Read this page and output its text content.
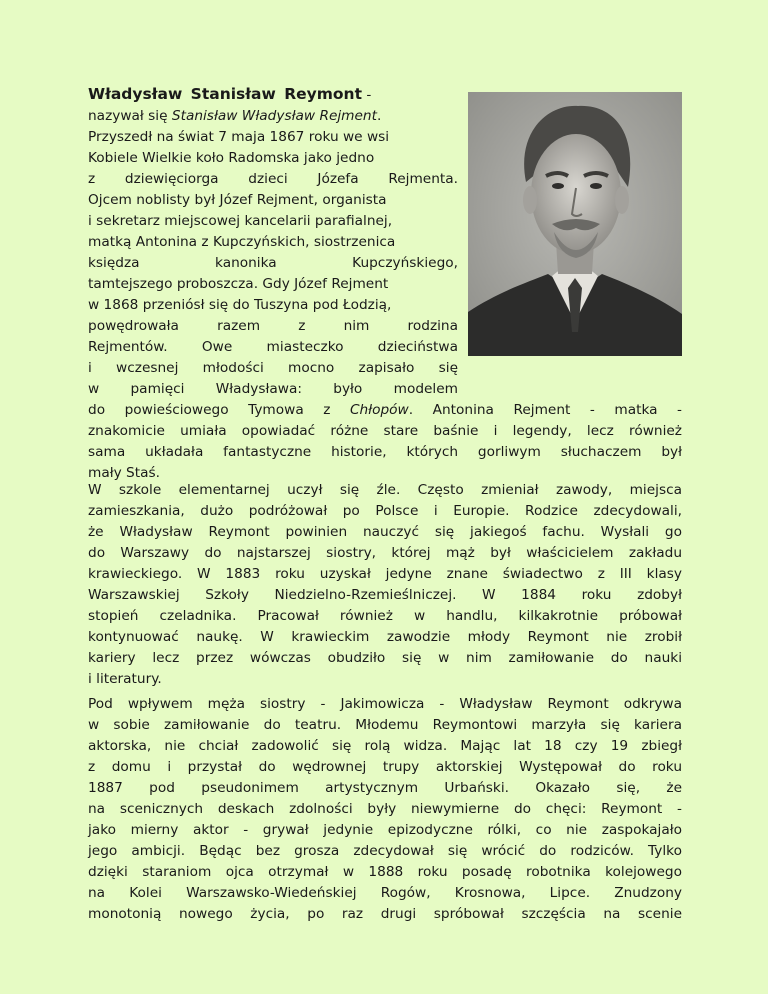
Władysław Stanisław Reymont -
nazywał się Stanisław Władysław Rejment.
Przyszedł na świat 7 maja 1867 roku we wsi
Kobiele Wielkie koło Radomska jako jedno
z dziewięciorga dzieci Józefa Rejmenta.
Ojcem noblisty był Józef Rejment, organista
i sekretarz miejscowej kancelarii parafialnej,
matką Antonina z Kupczyńskich, siostrzenica
księdza kanonika Kupczyńskiego,
tamtejszego proboszcza. Gdy Józef Rejment
w 1868 przeniósł się do Tuszyna pod Łodzią,
powędrowała razem z nim rodzina
Rejmentów. Owe miasteczko dzieciństwa
i wczesnej młodości mocno zapisało się
w pamięci Władysława: było modelem
do powieściowego Tymowa z Chłopów. Antonina Rejment - matka -
znakomicie umiała opowiadać różne stare baśnie i legendy, lecz również
sama układała fantastyczne historie, których gorliwym słuchaczem był
mały Staś.

W szkole elementarnej uczył się źle. Często zmieniał zawody, miejsca
zamieszkania, dużo podróżował po Polsce i Europie. Rodzice zdecydowali,
że Władysław Reymont powinien nauczyć się jakiegoś fachu. Wysłali go
do Warszawy do najstarszej siostry, której mąż był właścicielem zakładu
krawieckiego. W 1883 roku uzyskał jedyne znane świadectwo z III klasy
Warszawskiej Szkoły Niedzielno-Rzemieślniczej. W 1884 roku zdobył
stopień czeladnika. Pracował również w handlu, kilkakrotnie próbował
kontynuować naukę. W krawieckim zawodzie młody Reymont nie zrobił
kariery lecz przez wówczas obudziło się w nim zamiłowanie do nauki
i literatury.

Pod wpływem męża siostry - Jakimowicza - Władysław Reymont odkrywa
w sobie zamiłowanie do teatru. Młodemu Reymontowi marzyła się kariera
aktorska, nie chciał zadowolić się rolą widza. Mając lat 18 czy 19 zbiegł
z domu i przystał do wędrownej trupy aktorskiej Występował do roku
1887 pod pseudonimem artystycznym Urbański. Okazało się, że
na scenicznych deskach zdolności były niewymierne do chęci: Reymont -
jako mierny aktor - grywał jedynie epizodyczne rólki, co nie zaspokajało
jego ambicji. Będąc bez grosza zdecydował się wrócić do rodziców. Tylko
dzięki staraniom ojca otrzymał w 1888 roku posadę robotnika kolejowego
na Kolei Warszawsko-Wiedeńskiej Rogów, Krosnowa, Lipce. Znudzony
monotonią nowego życia, po raz drugi spróbował szczęścia na scenie
